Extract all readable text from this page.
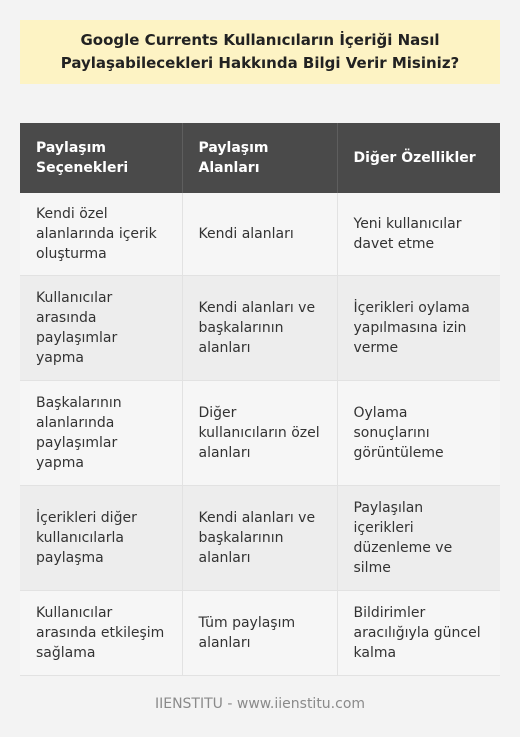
Google Currents Kullanıcıların İçeriği Nasıl Paylaşabilecekleri Hakkında Bilgi Verir Misiniz?
Paylaşım Seçenekleri	Paylaşım Alanları	Diğer Özellikler
Kendi özel alanlarında içerik oluşturma	Kendi alanları	Yeni kullanıcılar davet etme
Kullanıcılar arasında paylaşımlar yapma	Kendi alanları ve başkalarının alanları	İçerikleri oylama yapılmasına izin verme
Başkalarının alanlarında paylaşımlar yapma	Diğer kullanıcıların özel alanları	Oylama sonuçlarını görüntüleme
İçerikleri diğer kullanıcılarla paylaşma	Kendi alanları ve başkalarının alanları	Paylaşılan içerikleri düzenleme ve silme
Kullanıcılar arasında etkileşim sağlama	Tüm paylaşım alanları	Bildirimler aracılığıyla güncel kalma
IIENSTITU - www.iienstitu.com
